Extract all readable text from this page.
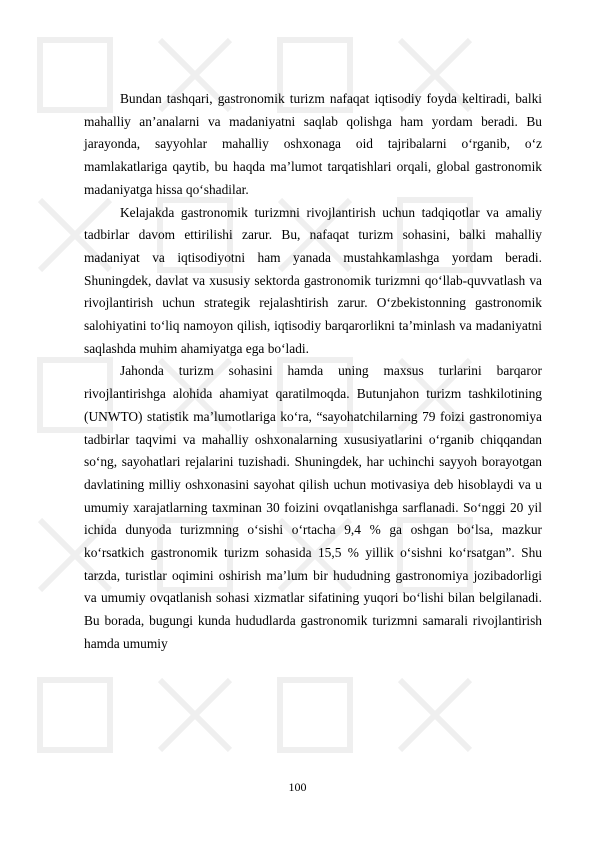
Bundan tashqari, gastronomik turizm nafaqat iqtisodiy foyda keltiradi, balki mahalliy an’analarni va madaniyatni saqlab qolishga ham yordam beradi. Bu jarayonda, sayyohlar mahalliy oshxonaga oid tajribalarni o‘rganib, o‘z mamlakatlariga qaytib, bu haqda ma’lumot tarqatishlari orqali, global gastronomik madaniyatga hissa qo‘shadilar.

Kelajakda gastronomik turizmni rivojlantirish uchun tadqiqotlar va amaliy tadbirlar davom ettirilishi zarur. Bu, nafaqat turizm sohasini, balki mahalliy madaniyat va iqtisodiyotni ham yanada mustahkamlashga yordam beradi. Shuningdek, davlat va xususiy sektorda gastronomik turizmni qo‘llab-quvvatlash va rivojlantirish uchun strategik rejalashtirish zarur. O‘zbekistonning gastronomik salohiyatini to‘liq namoyon qilish, iqtisodiy barqarorlikni ta’minlash va madaniyatni saqlashda muhim ahamiyatga ega bo‘ladi.

Jahonda turizm sohasini hamda uning maxsus turlarini barqaror rivojlantirishga alohida ahamiyat qaratilmoqda. Butunjahon turizm tashkilotining (UNWTO) statistik ma’lumotlariga ko‘ra, “sayohatchilarning 79 foizi gastronomiya tadbirlar taqvimi va mahalliy oshxonalarning xususiyatlarini o‘rganib chiqqandan so‘ng, sayohatlari rejalarini tuzishadi. Shuningdek, har uchinchi sayyoh borayotgan davlatining milliy oshxonasini sayohat qilish uchun motivasiya deb hisoblaydi va u umumiy xarajatlarning taxminan 30 foizini ovqatlanishga sarflanadi. So‘nggi 20 yil ichida dunyoda turizmning o‘sishi o‘rtacha 9,4 % ga oshgan bo‘lsa, mazkur ko‘rsatkich gastronomik turizm sohasida 15,5 % yillik o‘sishni ko‘rsatgan”. Shu tarzda, turistlar oqimini oshirish ma’lum bir hududning gastronomiya jozibadorligi va umumiy ovqatlanish sohasi xizmatlar sifatining yuqori bo‘lishi bilan belgilanadi. Bu borada, bugungi kunda hududlarda gastronomik turizmni samarali rivojlantirish hamda umumiy

100
